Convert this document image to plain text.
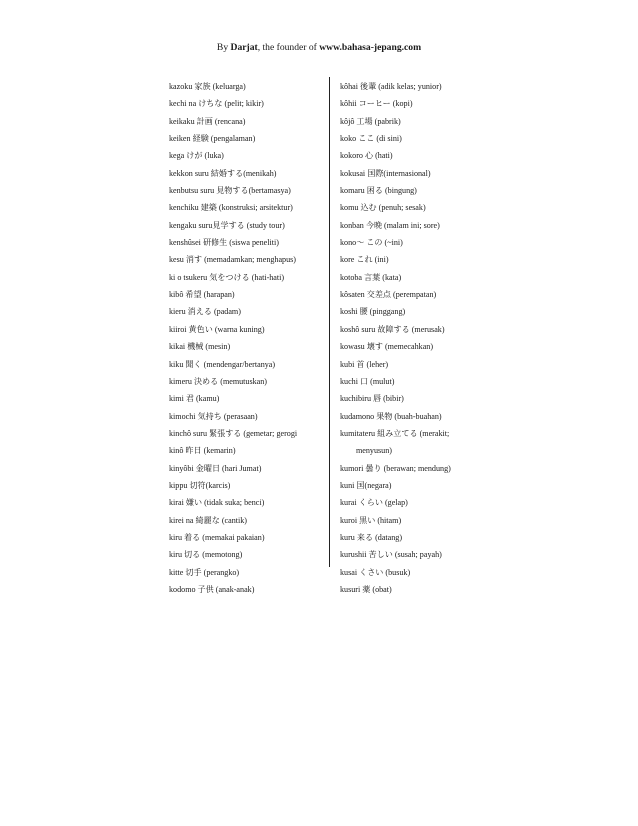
By Darjat, the founder of www.bahasa-jepang.com
kazoku 家族 (keluarga)
kechi na けちな (pelit; kikir)
keikaku 計画 (rencana)
keiken 経験 (pengalaman)
kega けが (luka)
kekkon suru 結婚する(menikah)
kenbutsu suru 見物する(bertamasya)
kenchiku 建築 (konstruksi; arsitektur)
kengaku suru見学する (study tour)
kenshûsei 研修生 (siswa peneliti)
kesu 消す (memadamkan; menghapus)
ki o tsukeru 気をつける (hati-hati)
kibô 希望 (harapan)
kieru 消える (padam)
kiiroi 黄色い (warna kuning)
kikai 機械 (mesin)
kiku 聞く (mendengar/bertanya)
kimeru 決める (memutuskan)
kimi 君 (kamu)
kimochi 気持ち (perasaan)
kinchô suru 緊張する (gemetar; gerogi
kinô 昨日 (kemarin)
kinyôbi 金曜日 (hari Jumat)
kippu 切符(karcis)
kirai 嫌い (tidak suka; benci)
kirei na 綺麗な (cantik)
kiru 着る (memakai pakaian)
kiru 切る (memotong)
kitte 切手 (perangko)
kodomo 子供 (anak-anak)
kôhai 後輩 (adik kelas; yunior)
kôhii コーヒー (kopi)
kôjô 工場 (pabrik)
koko ここ (di sini)
kokoro 心 (hati)
kokusai 国際(internasional)
komaru 困る (bingung)
komu 込む (penuh; sesak)
konban 今晩 (malam ini; sore)
kono～ この (~ini)
kore これ (ini)
kotoba 言葉 (kata)
kôsaten 交差点 (perempatan)
koshi 腰 (pinggang)
koshô suru 故障する (merusak)
kowasu 壊す (memecahkan)
kubi 首 (leher)
kuchi 口 (mulut)
kuchibiru 唇 (bibir)
kudamono 果物 (buah-buahan)
kumitateru 組み立てる (merakit;
menyusun)
kumori 曇り (berawan; mendung)
kuni 国(negara)
kurai くらい (gelap)
kuroi 黒い (hitam)
kuru 来る (datang)
kurushii 苦しい (susah; payah)
kusai くさい (busuk)
kusuri 薬 (obat)
